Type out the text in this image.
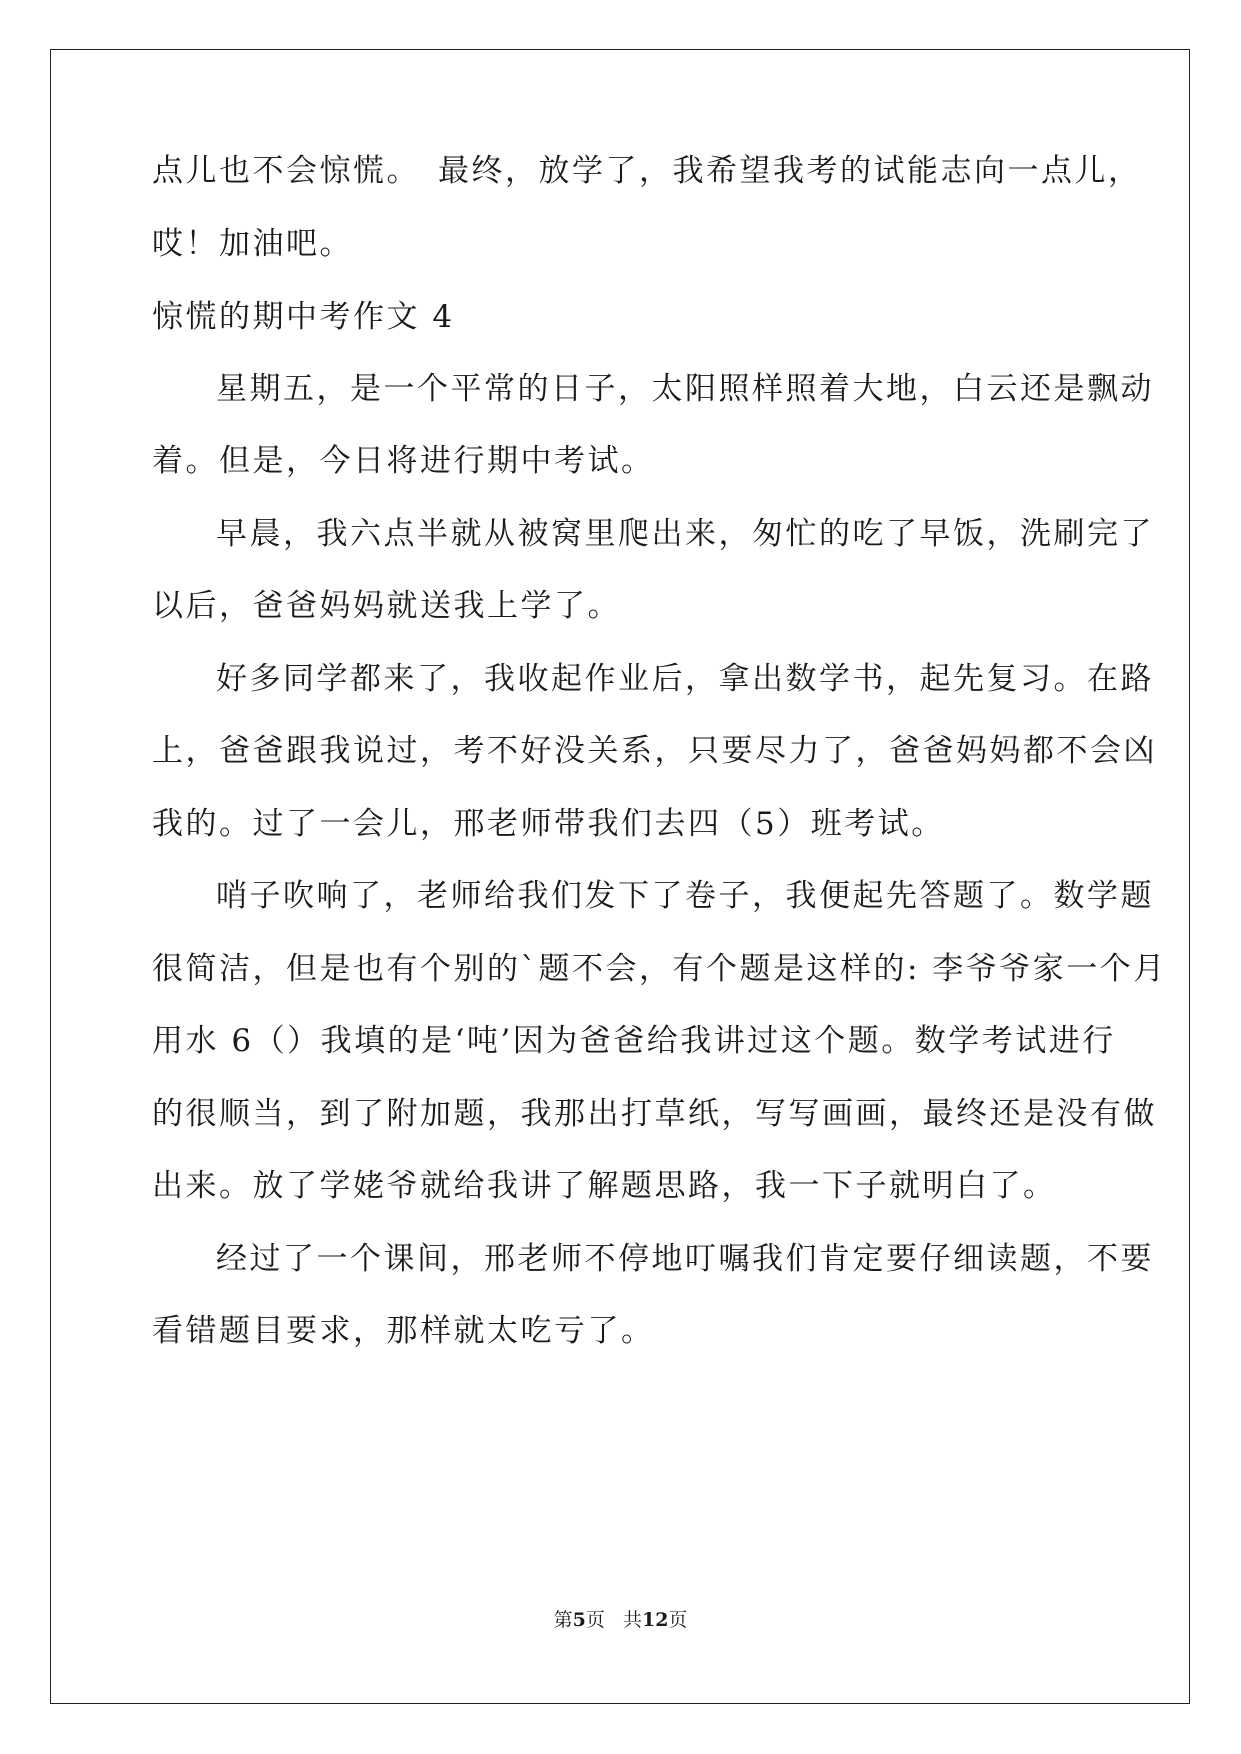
点儿也不会惊慌。　最终，放学了，我希望我考的试能志向一点儿，
哎！加油吧。
惊慌的期中考作文 4
星期五，是一个平常的日子，太阳照样照着大地，白云还是飘动
着。但是，今日将进行期中考试。
早晨，我六点半就从被窝里爬出来，匆忙的吃了早饭，洗刷完了
以后，爸爸妈妈就送我上学了。
好多同学都来了，我收起作业后，拿出数学书，起先复习。在路
上，爸爸跟我说过，考不好没关系，只要尽力了，爸爸妈妈都不会凶
我的。过了一会儿，邢老师带我们去四（5）班考试。
哨子吹响了，老师给我们发下了卷子，我便起先答题了。数学题
很简洁，但是也有个别的`题不会，有个题是这样的: 李爷爷家一个月
用水 6（）我填的是‘吨’因为爸爸给我讲过这个题。数学考试进行
的很顺当，到了附加题，我那出打草纸，写写画画，最终还是没有做
出来。放了学姥爷就给我讲了解题思路，我一下子就明白了。
经过了一个课间，邢老师不停地叮嘱我们肯定要仔细读题，不要
看错题目要求，那样就太吃亏了。
第5页 共12页
